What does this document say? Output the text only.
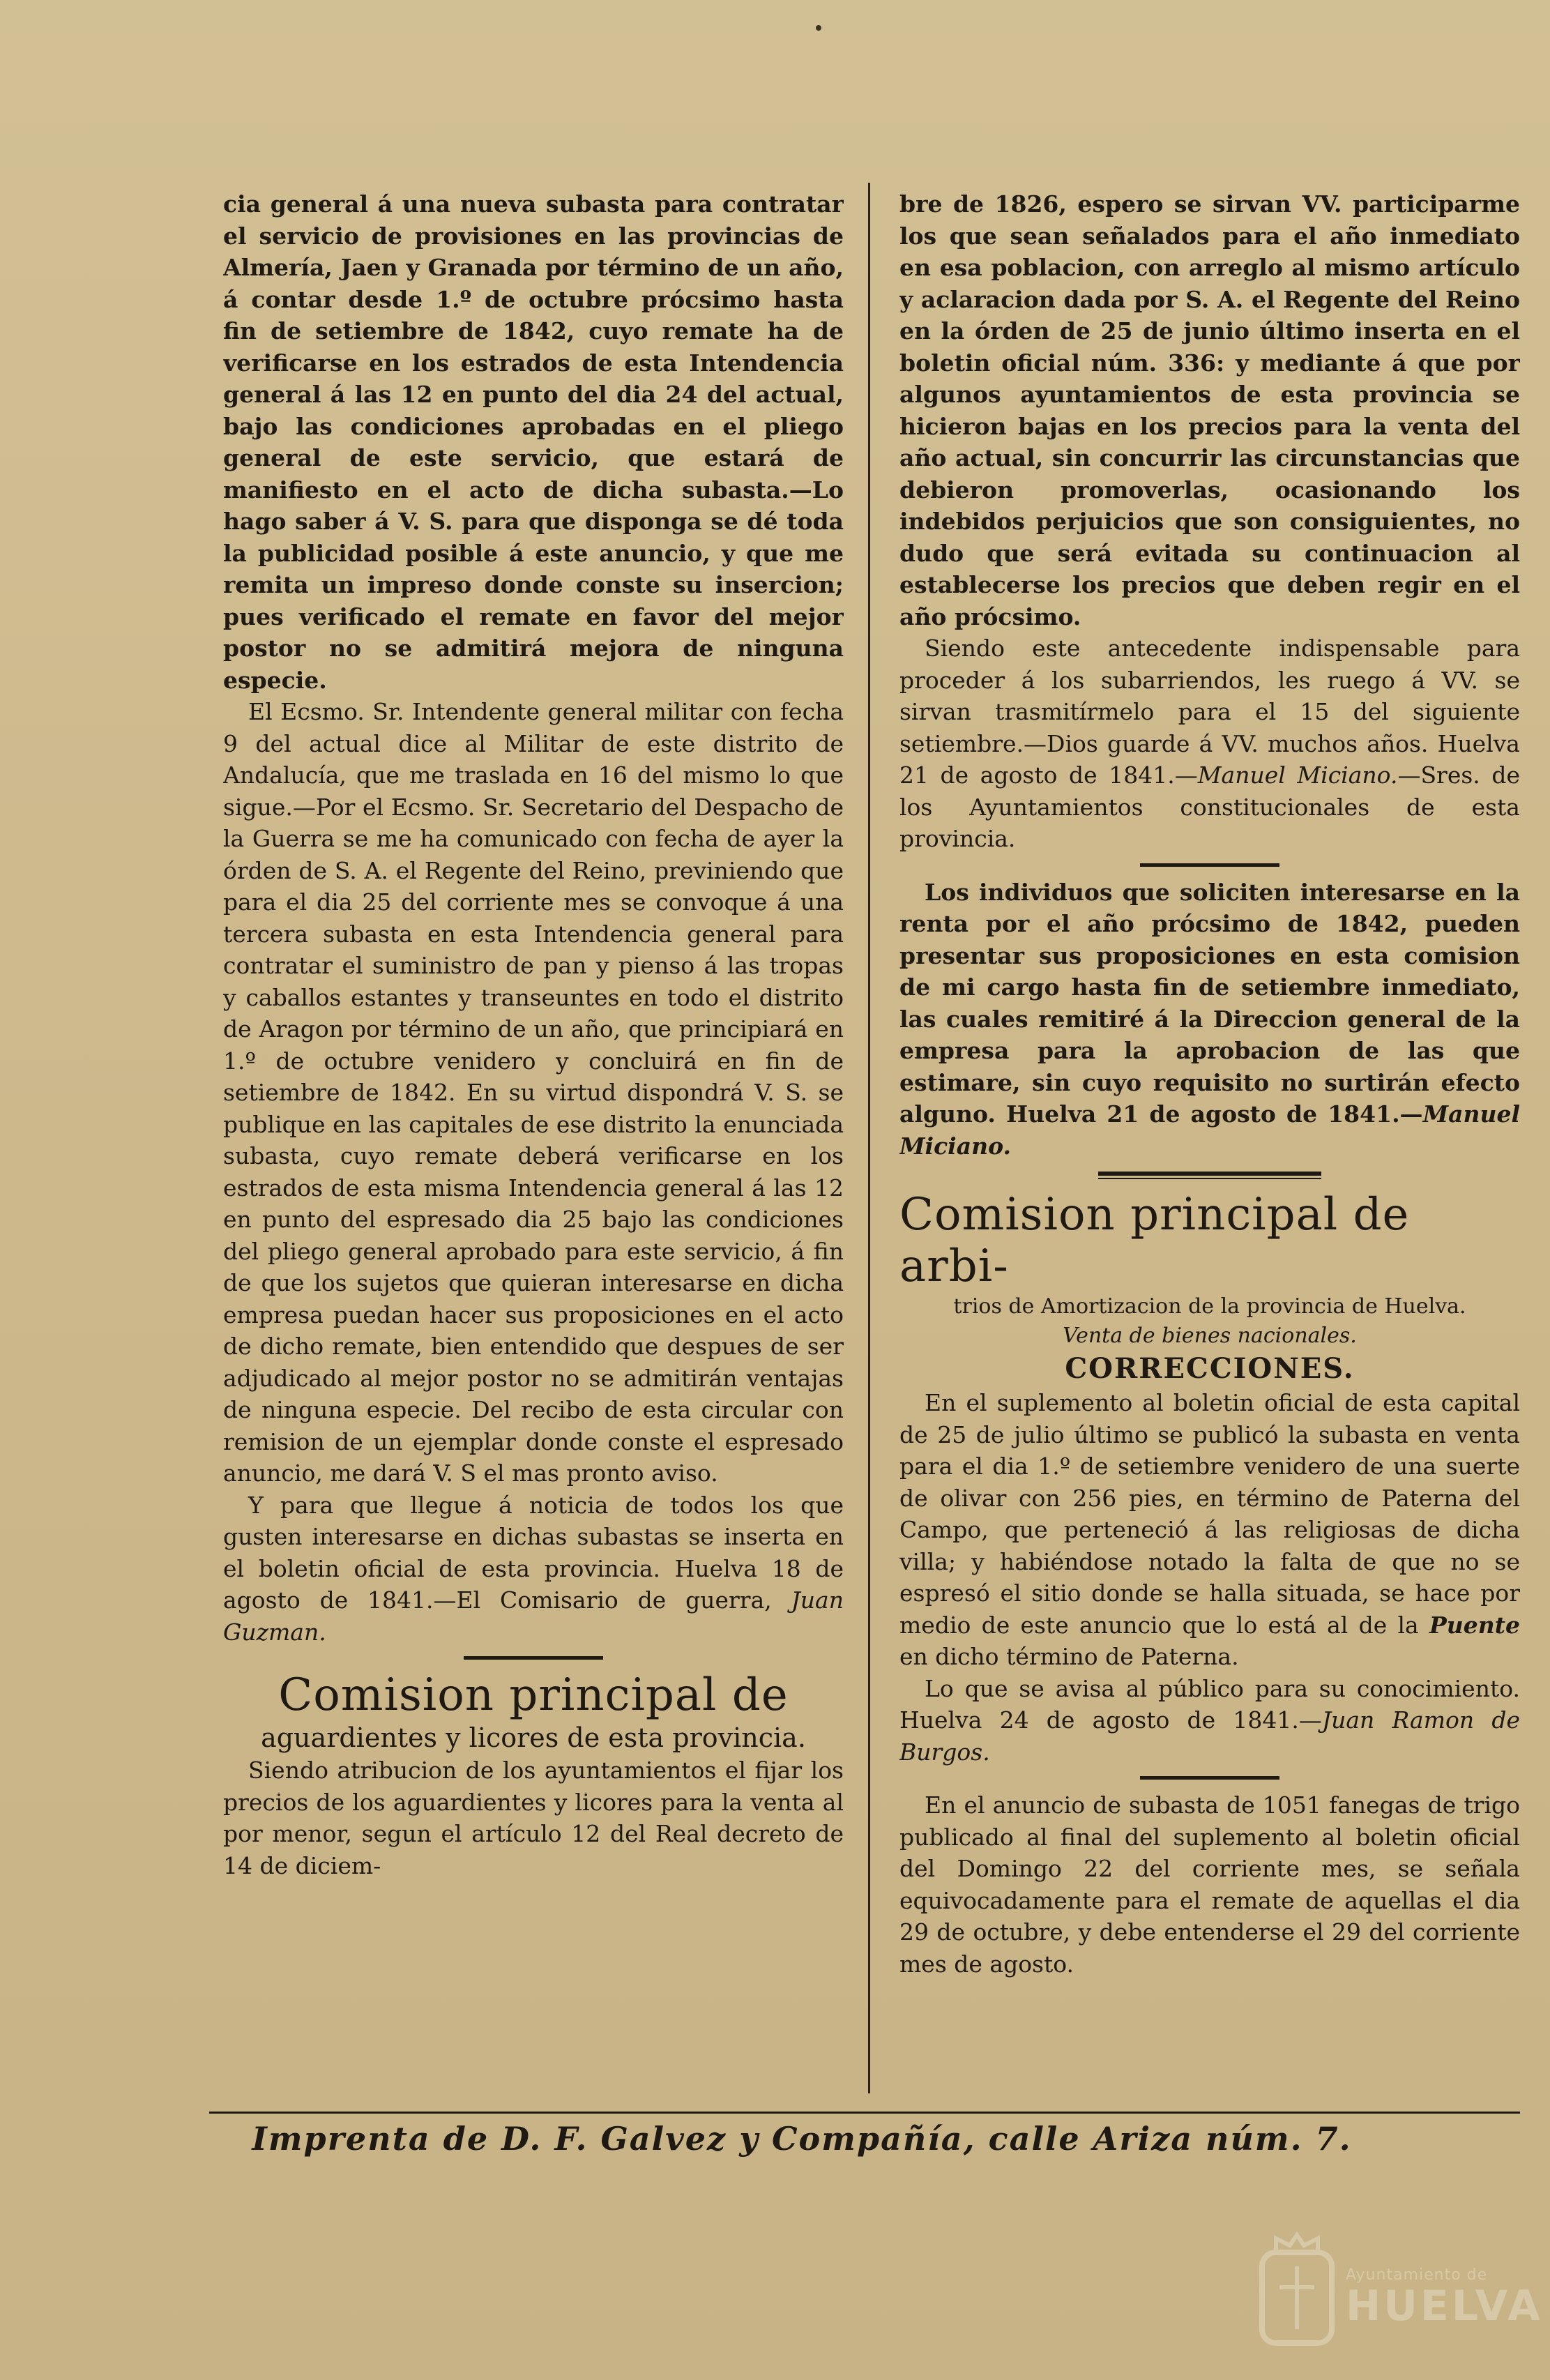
cia general á una nueva subasta para contratar el servicio de provisiones en las provincias de Almería, Jaen y Granada por término de un año, á contar desde 1.º de octubre prócsimo hasta fin de setiembre de 1842, cuyo remate ha de verificarse en los estrados de esta Intendencia general á las 12 en punto del dia 24 del actual, bajo las condiciones aprobadas en el pliego general de este servicio, que estará de manifiesto en el acto de dicha subasta.—Lo hago saber á V. S. para que disponga se dé toda la publicidad posible á este anuncio, y que me remita un impreso donde conste su insercion; pues verificado el remate en favor del mejor postor no se admitirá mejora de ninguna especie.

El Ecsmo. Sr. Intendente general militar con fecha 9 del actual dice al Militar de este distrito de Andalucía, que me traslada en 16 del mismo lo que sigue.—Por el Ecsmo. Sr. Secretario del Despacho de la Guerra se me ha comunicado con fecha de ayer la órden de S. A. el Regente del Reino, previniendo que para el dia 25 del corriente mes se convoque á una tercera subasta en esta Intendencia general para contratar el suministro de pan y pienso á las tropas y caballos estantes y transeuntes en todo el distrito de Aragon por término de un año, que principiará en 1.º de octubre venidero y concluirá en fin de setiembre de 1842. En su virtud dispondrá V. S. se publique en las capitales de ese distrito la enunciada subasta, cuyo remate deberá verificarse en los estrados de esta misma Intendencia general á las 12 en punto del espresado dia 25 bajo las condiciones del pliego general aprobado para este servicio, á fin de que los sujetos que quieran interesarse en dicha empresa puedan hacer sus proposiciones en el acto de dicho remate, bien entendido que despues de ser adjudicado al mejor postor no se admitirán ventajas de ninguna especie. Del recibo de esta circular con remision de un ejemplar donde conste el espresado anuncio, me dará V. S el mas pronto aviso.

Y para que llegue á noticia de todos los que gusten interesarse en dichas subastas se inserta en el boletin oficial de esta provincia. Huelva 18 de agosto de 1841.—El Comisario de guerra, Juan Guzman.

Comision principal de
aguardientes y licores de esta provincia.

Siendo atribucion de los ayuntamientos el fijar los precios de los aguardientes y licores para la venta al por menor, segun el artículo 12 del Real decreto de 14 de diciem-

bre de 1826, espero se sirvan VV. participarme los que sean señalados para el año inmediato en esa poblacion, con arreglo al mismo artículo y aclaracion dada por S. A. el Regente del Reino en la órden de 25 de junio último inserta en el boletin oficial núm. 336: y mediante á que por algunos ayuntamientos de esta provincia se hicieron bajas en los precios para la venta del año actual, sin concurrir las circunstancias que debieron promoverlas, ocasionando los indebidos perjuicios que son consiguientes, no dudo que será evitada su continuacion al establecerse los precios que deben regir en el año prócsimo.

Siendo este antecedente indispensable para proceder á los subarriendos, les ruego á VV. se sirvan trasmitírmelo para el 15 del siguiente setiembre.—Dios guarde á VV. muchos años. Huelva 21 de agosto de 1841.—Manuel Miciano.—Sres. de los Ayuntamientos constitucionales de esta provincia.

Los individuos que soliciten interesarse en la renta por el año prócsimo de 1842, pueden presentar sus proposiciones en esta comision de mi cargo hasta fin de setiembre inmediato, las cuales remitiré á la Direccion general de la empresa para la aprobacion de las que estimare, sin cuyo requisito no surtirán efecto alguno. Huelva 21 de agosto de 1841.—Manuel Miciano.

Comision principal de arbi-
trios de Amortizacion de la provincia de Huelva.
Venta de bienes nacionales.
CORRECCIONES.

En el suplemento al boletin oficial de esta capital de 25 de julio último se publicó la subasta en venta para el dia 1.º de setiembre venidero de una suerte de olivar con 256 pies, en término de Paterna del Campo, que perteneció á las religiosas de dicha villa; y habiéndose notado la falta de que no se espresó el sitio donde se halla situada, se hace por medio de este anuncio que lo está al de la Puente en dicho término de Paterna.

Lo que se avisa al público para su conocimiento. Huelva 24 de agosto de 1841.—Juan Ramon de Burgos.

En el anuncio de subasta de 1051 fanegas de trigo publicado al final del suplemento al boletin oficial del Domingo 22 del corriente mes, se señala equivocadamente para el remate de aquellas el dia 29 de octubre, y debe entenderse el 29 del corriente mes de agosto.

Imprenta de D. F. Galvez y Compañía, calle Ariza núm. 7.
Ayuntamiento de
HUELVA
